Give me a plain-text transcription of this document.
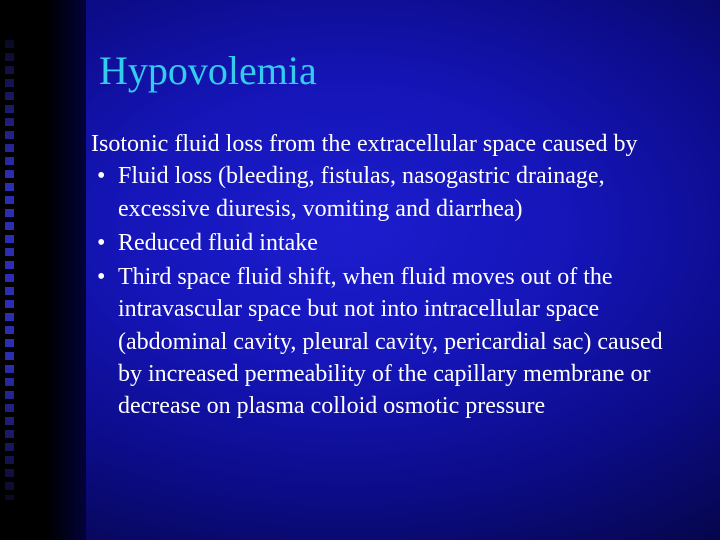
Hypovolemia

Isotonic fluid loss from the extracellular space caused by

• Fluid loss (bleeding, fistulas, nasogastric drainage, excessive diuresis, vomiting and diarrhea)
• Reduced fluid intake
• Third space fluid shift, when fluid moves out of the intravascular space but not into intracellular space (abdominal cavity, pleural cavity, pericardial sac) caused by increased permeability of the capillary membrane or decrease on plasma colloid osmotic pressure
